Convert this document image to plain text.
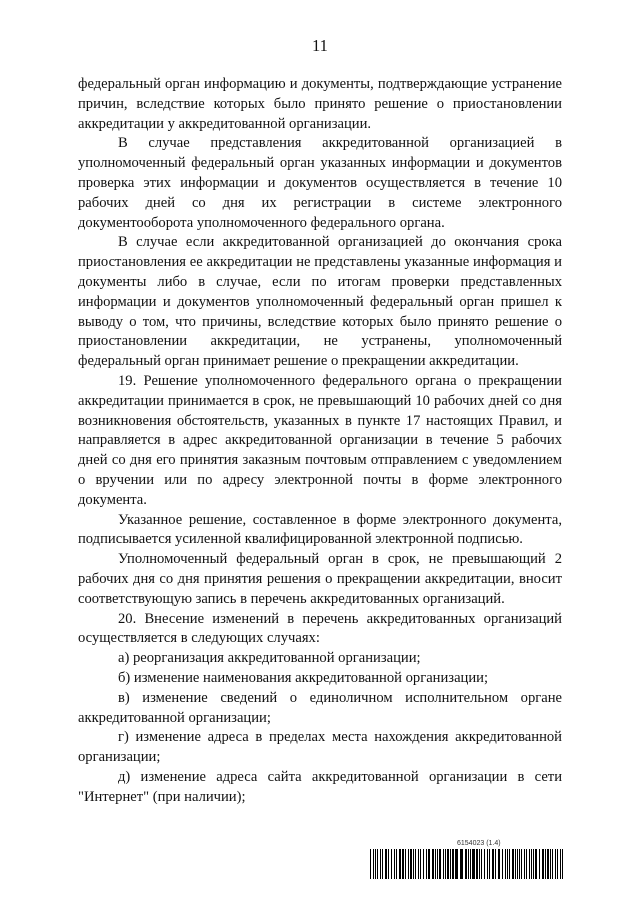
11

федеральный орган информацию и документы, подтверждающие устранение причин, вследствие которых было принято решение о приостановлении аккредитации у аккредитованной организации.

В случае представления аккредитованной организацией в уполномоченный федеральный орган указанных информации и документов проверка этих информации и документов осуществляется в течение 10 рабочих дней со дня их регистрации в системе электронного документооборота уполномоченного федерального органа.

В случае если аккредитованной организацией до окончания срока приостановления ее аккредитации не представлены указанные информация и документы либо в случае, если по итогам проверки представленных информации и документов уполномоченный федеральный орган пришел к выводу о том, что причины, вследствие которых было принято решение о приостановлении аккредитации, не устранены, уполномоченный федеральный орган принимает решение о прекращении аккредитации.

19. Решение уполномоченного федерального органа о прекращении аккредитации принимается в срок, не превышающий 10 рабочих дней со дня возникновения обстоятельств, указанных в пункте 17 настоящих Правил, и направляется в адрес аккредитованной организации в течение 5 рабочих дней со дня его принятия заказным почтовым отправлением с уведомлением о вручении или по адресу электронной почты в форме электронного документа.

Указанное решение, составленное в форме электронного документа, подписывается усиленной квалифицированной электронной подписью.

Уполномоченный федеральный орган в срок, не превышающий 2 рабочих дня со дня принятия решения о прекращении аккредитации, вносит соответствующую запись в перечень аккредитованных организаций.

20. Внесение изменений в перечень аккредитованных организаций осуществляется в следующих случаях:

а) реорганизация аккредитованной организации;

б) изменение наименования аккредитованной организации;

в) изменение сведений о единоличном исполнительном органе аккредитованной организации;

г) изменение адреса в пределах места нахождения аккредитованной организации;

д) изменение адреса сайта аккредитованной организации в сети "Интернет" (при наличии);

6154023 (1.4)
